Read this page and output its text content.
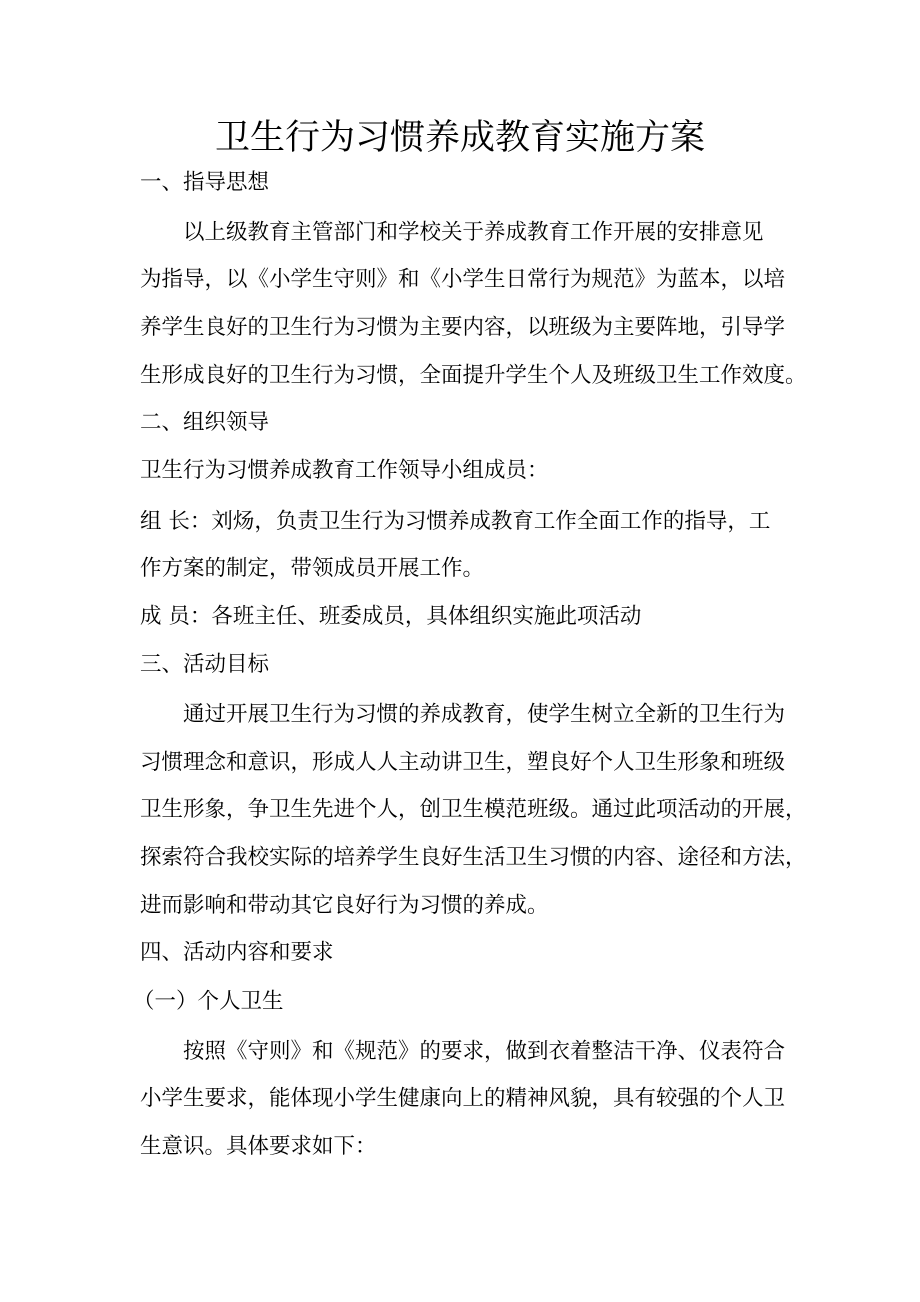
卫生行为习惯养成教育实施方案

一、指导思想

以上级教育主管部门和学校关于养成教育工作开展的安排意见

为指导，以《小学生守则》和《小学生日常行为规范》为蓝本，以培

养学生良好的卫生行为习惯为主要内容，以班级为主要阵地，引导学

生形成良好的卫生行为习惯，全面提升学生个人及班级卫生工作效度。

二、组织领导

卫生行为习惯养成教育工作领导小组成员：

组 长：刘炀，负责卫生行为习惯养成教育工作全面工作的指导，工

作方案的制定，带领成员开展工作。

成 员：各班主任、班委成员，具体组织实施此项活动

三、活动目标

通过开展卫生行为习惯的养成教育，使学生树立全新的卫生行为

习惯理念和意识，形成人人主动讲卫生，塑良好个人卫生形象和班级

卫生形象，争卫生先进个人，创卫生模范班级。通过此项活动的开展，

探索符合我校实际的培养学生良好生活卫生习惯的内容、途径和方法，

进而影响和带动其它良好行为习惯的养成。

四、活动内容和要求

（一）个人卫生

按照《守则》和《规范》的要求，做到衣着整洁干净、仪表符合

小学生要求，能体现小学生健康向上的精神风貌，具有较强的个人卫

生意识。具体要求如下：
